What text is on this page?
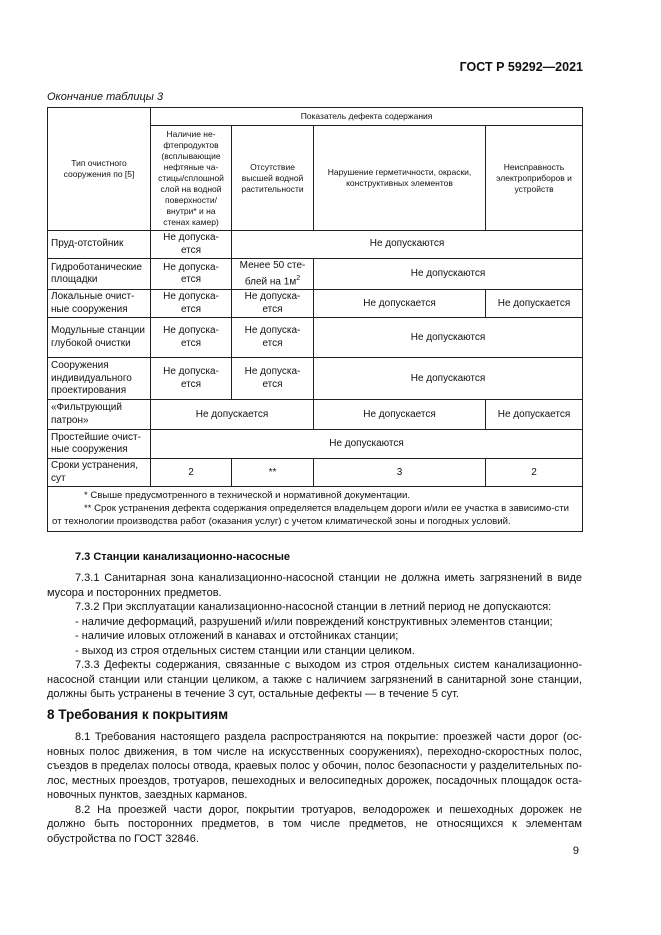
ГОСТ Р 59292—2021
Окончание таблицы 3
Тип очистного сооружения по [5]	Показатель дефекта содержания			
	Наличие не-фтепродуктов (всплывающие нефтяные ча-стицы/сплошной слой на водной поверхности/ внутри* и на стенах камер)	Отсутствие высшей водной растительности	Нарушение герметичности, окраски, конструктивных элементов	Неисправность электроприборов и устройств
Пруд-отстойник	Не допуска-ется	Не допускаются		
Гидроботанические площадки	Не допуска-ется	Менее 50 сте-блей на $1м^2$	Не допускаются	
Локальные очист-ные сооружения	Не допуска-ется	Не допуска-ется	Не допускается	Не допускается
Модульные станции глубокой очистки	Не допуска-ется	Не допуска-ется	Не допускаются	
Сооружения индивидуального проектирования	Не допуска-ется	Не допуска-ется	Не допускаются	
«Фильтрующий патрон»	Не допускается		Не допускается	Не допускается
Простейшие очист-ные сооружения	Не допускаются			
Сроки устранения, сут	2	**	3	2

* Свыше предусмотренного в технической и нормативной документации.
** Срок устранения дефекта содержания определяется владельцем дороги и/или ее участка в зависимо-сти от технологии производства работ (оказания услуг) с учетом климатической зоны и погодных условий.				
7.3 Станции канализационно-насосные
7.3.1 Санитарная зона канализационно-насосной станции не должна иметь загрязнений в виде мусора и посторонних предметов.
7.3.2 При эксплуатации канализационно-насосной станции в летний период не допускаются:
- наличие деформаций, разрушений и/или повреждений конструктивных элементов станции;
- наличие иловых отложений в канавах и отстойниках станции;
- выход из строя отдельных систем станции или станции целиком.
7.3.3 Дефекты содержания, связанные с выходом из строя отдельных систем канализационно-насосной станции или станции целиком, а также с наличием загрязнений в санитарной зоне станции, должны быть устранены в течение 3 сут, остальные дефекты — в течение 5 сут.
8 Требования к покрытиям
8.1 Требования настоящего раздела распространяются на покрытие: проезжей части дорог (ос-новных полос движения, в том числе на искусственных сооружениях), переходно-скоростных полос, съездов в пределах полосы отвода, краевых полос у обочин, полос безопасности у разделительных по-лос, местных проездов, тротуаров, пешеходных и велосипедных дорожек, посадочных площадок оста-новочных пунктов, заездных карманов.
8.2 На проезжей части дорог, покрытии тротуаров, велодорожек и пешеходных дорожек не должно быть посторонних предметов, в том числе предметов, не относящихся к элементам обустройства по ГОСТ 32846.
9
